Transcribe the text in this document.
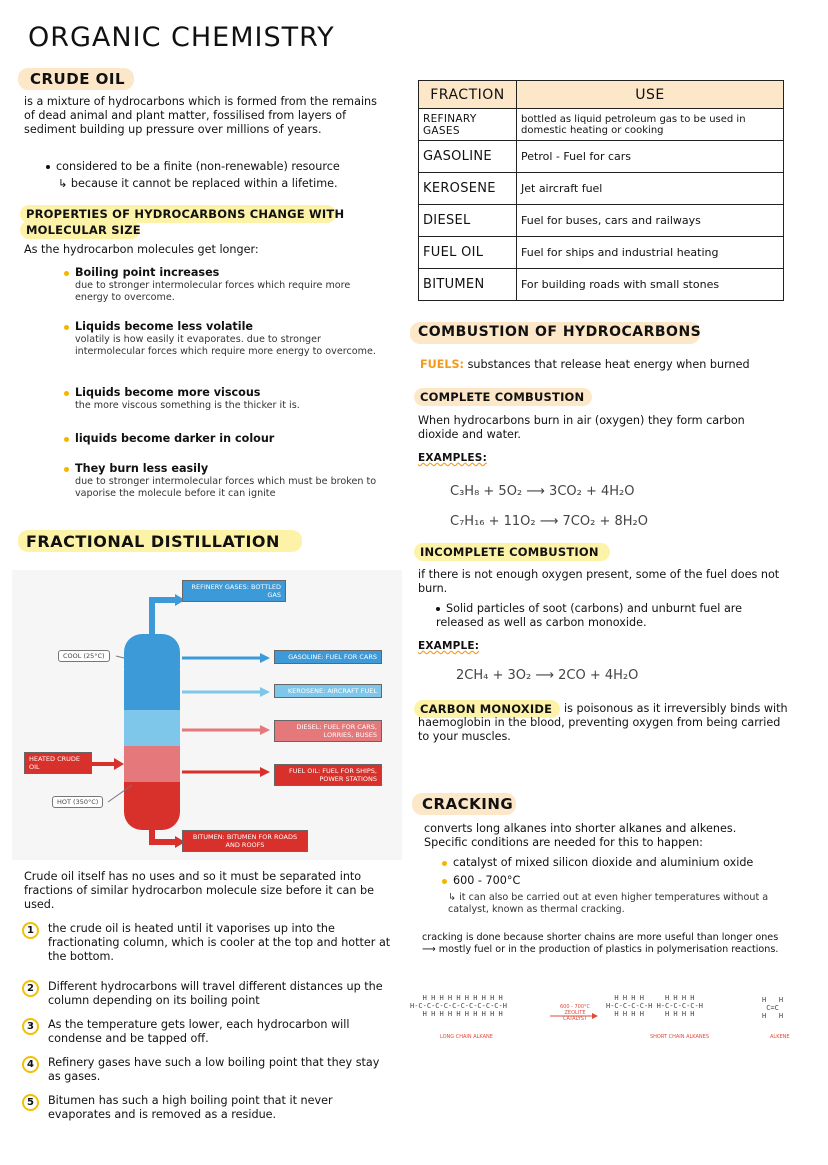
ORGANIC CHEMISTRY
CRUDE OIL
is a mixture of hydrocarbons which is formed from the remains of dead animal and plant matter, fossilised from layers of sediment building up pressure over millions of years.
considered to be a finite (non-renewable) resource
↳ because it cannot be replaced within a lifetime.
PROPERTIES OF HYDROCARBONS CHANGE WITH MOLECULAR SIZE
As the hydrocarbon molecules get longer:
Boiling point increases
due to stronger intermolecular forces which require more energy to overcome.
Liquids become less volatile
volatily is how easily it evaporates. due to stronger intermolecular forces which require more energy to overcome.
Liquids become more viscous
the more viscous something is the thicker it is.
liquids become darker in colour
They burn less easily
due to stronger intermolecular forces which must be broken to vaporise the molecule before it can ignite
FRACTIONAL DISTILLATION
REFINERY GASES: BOTTLED GAS
GASOLINE: FUEL FOR CARS
KEROSENE: AIRCRAFT FUEL
DIESEL: FUEL FOR CARS, LORRIES, BUSES
FUEL OIL: FUEL FOR SHIPS, POWER STATIONS
BITUMEN: BITUMEN FOR ROADS AND ROOFS
HEATED CRUDE OIL
COOL (25°C)
HOT (350°C)
Crude oil itself has no uses and so it must be separated into fractions of similar hydrocarbon molecule size before it can be used.
1	the crude oil is heated until it vaporises up into the fractionating column, which is cooler at the top and hotter at the bottom.
2	Different hydrocarbons will travel different distances up the column depending on its boiling point
3	As the temperature gets lower, each hydrocarbon will condense and be tapped off.
4	Refinery gases have such a low boiling point that they stay as gases.
5	Bitumen has such a high boiling point that it never evaporates and is removed as a residue.
FRACTION	USE
REFINARY GASES	bottled as liquid petroleum gas to be used in domestic heating or cooking
GASOLINE	Petrol - Fuel for cars
KEROSENE	Jet aircraft fuel
DIESEL	Fuel for buses, cars and railways
FUEL OIL	Fuel for ships and industrial heating
BITUMEN	For building roads with small stones
COMBUSTION OF HYDROCARBONS
FUELS: substances that release heat energy when burned
COMPLETE COMBUSTION
When hydrocarbons burn in air (oxygen) they form carbon dioxide and water.
EXAMPLES:
C₃H₈ + 5O₂ ⟶ 3CO₂ + 4H₂O
C₇H₁₆ + 11O₂ ⟶ 7CO₂ + 8H₂O
INCOMPLETE COMBUSTION
if there is not enough oxygen present, some of the fuel does not burn.
Solid particles of soot (carbons) and unburnt fuel are released as well as carbon monoxide.
EXAMPLE:
2CH₄ + 3O₂ ⟶ 2CO + 4H₂O
is poisonous as it irreversibly binds with haemoglobin in the blood, preventing oxygen from being carried to your muscles.
CARBON MONOXIDE
CRACKING
converts long alkanes into shorter alkanes and alkenes.
Specific conditions are needed for this to happen:
catalyst of mixed silicon dioxide and aluminium oxide
600 - 700°C
↳ it can also be carried out at even higher temperatures without a catalyst, known as thermal cracking.
cracking is done because shorter chains are more useful than longer ones ⟶ mostly fuel or in the production of plastics in polymerisation reactions.
H H H H H H H H H H
H-C-C-C-C-C-C-C-C-C-C-H
H H H H H H H H H H
LONG CHAIN ALKANE
600 - 700°C ZEOLITE CATALYST
H H H H     H H H H
H-C-C-C-C-H H-C-C-C-C-H
H H H H     H H H H
SHORT CHAIN ALKANES
H   H
C=C
H   H
ALKENE
